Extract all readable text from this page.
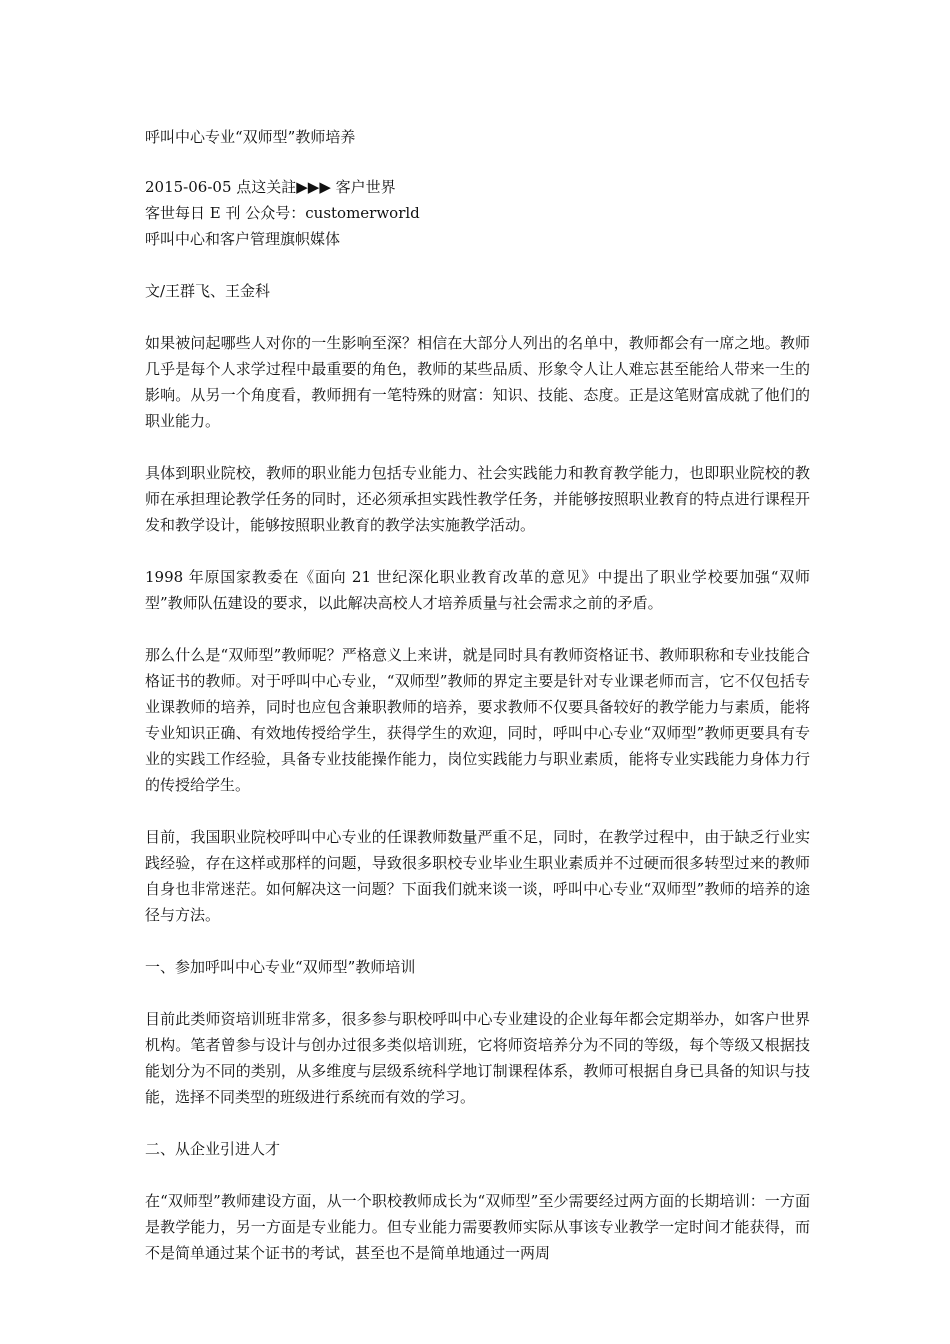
呼叫中心专业“双师型”教师培养

2015-06-05 点这关註▶▶▶ 客户世界

客世每日 E 刊 公众号：customerworld

呼叫中心和客户管理旗帜媒体

文/王群飞、王金科

如果被问起哪些人对你的一生影响至深？相信在大部分人列出的名单中，教师都会有一席之地。教师几乎是每个人求学过程中最重要的角色，教师的某些品质、形象令人让人难忘甚至能给人带来一生的影响。从另一个角度看，教师拥有一笔特殊的财富：知识、技能、态度。正是这笔财富成就了他们的职业能力。

具体到职业院校，教师的职业能力包括专业能力、社会实践能力和教育教学能力，也即职业院校的教师在承担理论教学任务的同时，还必须承担实践性教学任务，并能够按照职业教育的特点进行课程开发和教学设计，能够按照职业教育的教学法实施教学活动。

1998 年原国家教委在《面向 21 世纪深化职业教育改革的意见》中提出了职业学校要加强“双师型”教师队伍建设的要求，以此解决高校人才培养质量与社会需求之前的矛盾。

那么什么是“双师型”教师呢？严格意义上来讲，就是同时具有教师资格证书、教师职称和专业技能合格证书的教师。对于呼叫中心专业，“双师型”教师的界定主要是针对专业课老师而言，它不仅包括专业课教师的培养，同时也应包含兼职教师的培养，要求教师不仅要具备较好的教学能力与素质，能将专业知识正确、有效地传授给学生，获得学生的欢迎，同时，呼叫中心专业“双师型”教师更要具有专业的实践工作经验，具备专业技能操作能力，岗位实践能力与职业素质，能将专业实践能力身体力行的传授给学生。

目前，我国职业院校呼叫中心专业的任课教师数量严重不足，同时，在教学过程中，由于缺乏行业实践经验，存在这样或那样的问题，导致很多职校专业毕业生职业素质并不过硬而很多转型过来的教师自身也非常迷茫。如何解决这一问题？下面我们就来谈一谈，呼叫中心专业“双师型”教师的培养的途径与方法。

一、参加呼叫中心专业“双师型”教师培训

目前此类师资培训班非常多，很多参与职校呼叫中心专业建设的企业每年都会定期举办，如客户世界机构。笔者曾参与设计与创办过很多类似培训班，它将师资培养分为不同的等级，每个等级又根据技能划分为不同的类别，从多维度与层级系统科学地订制课程体系，教师可根据自身已具备的知识与技能，选择不同类型的班级进行系统而有效的学习。

二、从企业引进人才

在“双师型”教师建设方面，从一个职校教师成长为“双师型”至少需要经过两方面的长期培训：一方面是教学能力，另一方面是专业能力。但专业能力需要教师实际从事该专业教学一定时间才能获得，而不是简单通过某个证书的考试，甚至也不是简单地通过一两周
